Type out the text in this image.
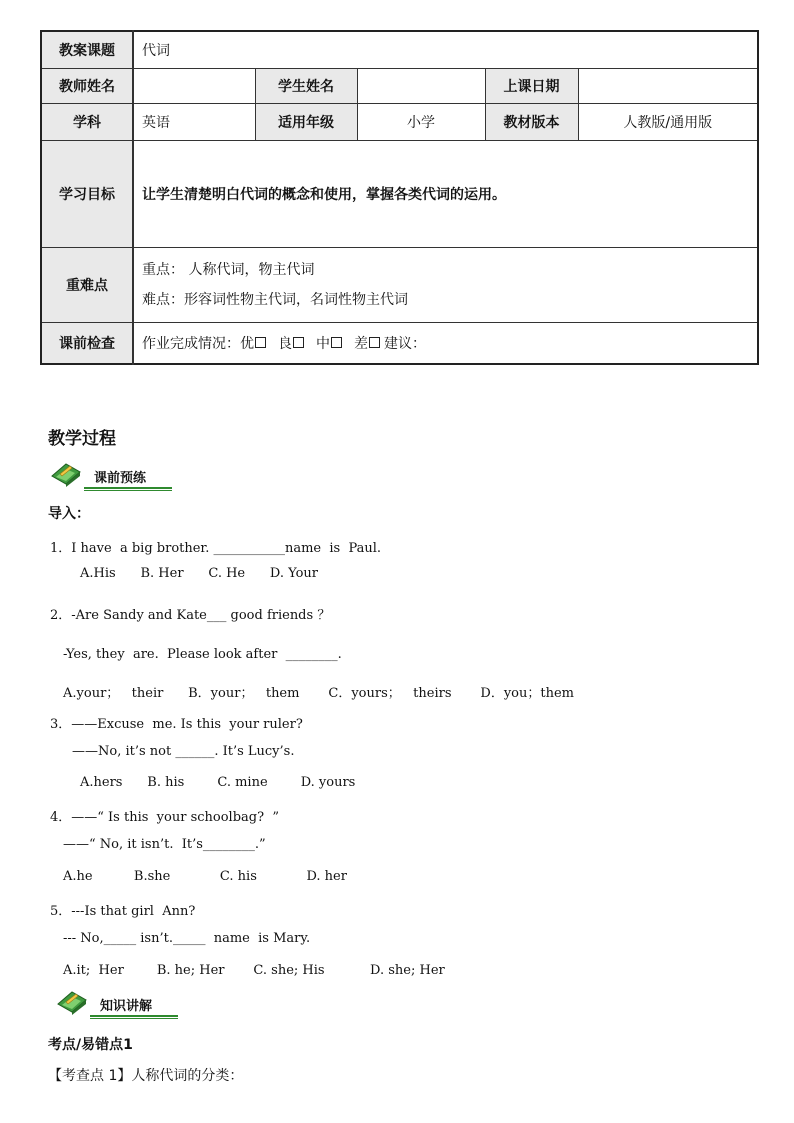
教案课题	代词				
教师姓名		学生姓名		上课日期	
学科	英语	适用年级	小学	教材版本	人教版/通用版
学习目标	让学生清楚明白代词的概念和使用，掌握各类代词的运用。				
重难点	重点： 人称代词，物主代词
难点：形容词性物主代词，名词性物主代词				

课前检查	作业完成情况：优 良 中 差 建议：				
教学过程
课前预练
导入：
1．I have  a big brother. ___________name  is  Paul.
A.His      B. Her      C. He      D. Your
2．-Are Sandy and Kate___ good friends ？
-Yes, they  are.  Please look after  ________.
A.your；   their      B．your；   them       C．yours；   theirs       D．you；them
3．——Excuse  me. Is this  your ruler?
——No, it’s not ______. It’s Lucy’s.
A.hers      B. his        C. mine        D. yours
4．——“ Is this  your schoolbag?  ”
——“ No, it isn’t.  It’s________.”
A.he          B.she            C. his            D. her
5．---Is that girl  Ann?
--- No,_____ isn’t._____  name  is Mary.
A.it;  Her        B. he; Her       C. she; His           D. she; Her
知识讲解
考点/易错点1
【考查点 1】人称代词的分类：
